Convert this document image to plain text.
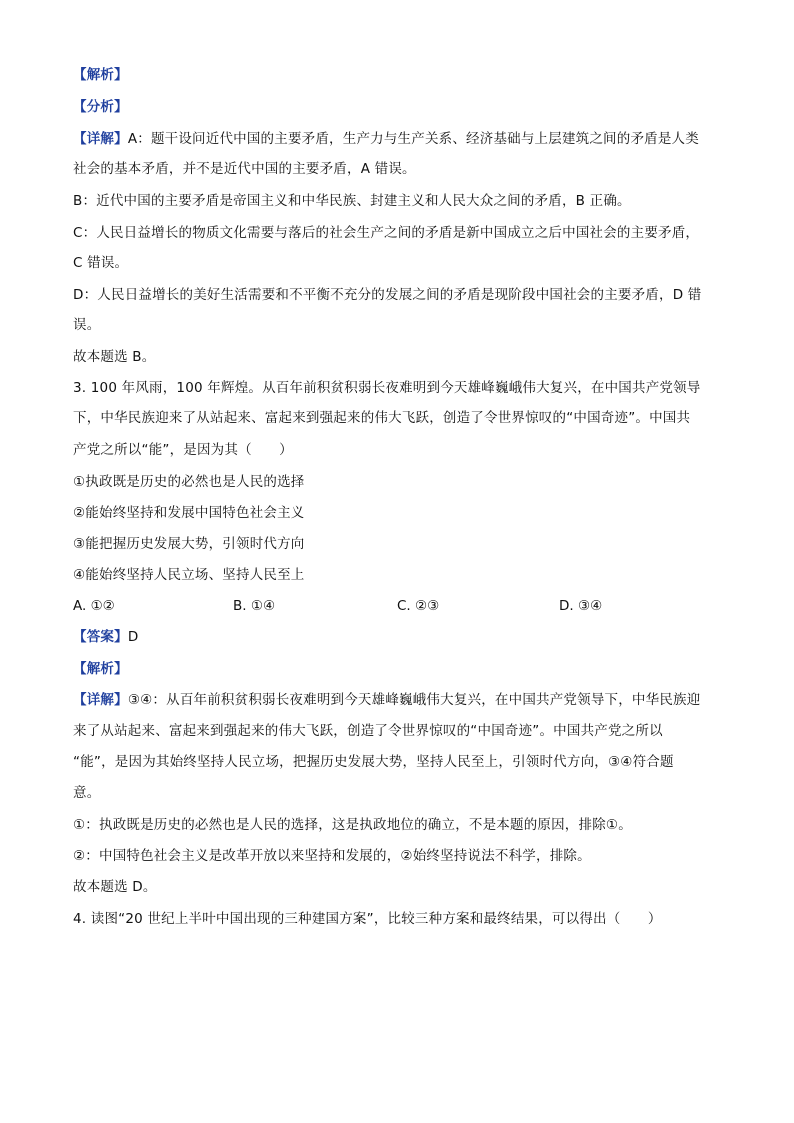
【解析】
【分析】
【详解】A：题干设问近代中国的主要矛盾，生产力与生产关系、经济基础与上层建筑之间的矛盾是人类
社会的基本矛盾，并不是近代中国的主要矛盾，A 错误。
B：近代中国的主要矛盾是帝国主义和中华民族、封建主义和人民大众之间的矛盾，B 正确。
C：人民日益增长的物质文化需要与落后的社会生产之间的矛盾是新中国成立之后中国社会的主要矛盾，
C 错误。
D：人民日益增长的美好生活需要和不平衡不充分的发展之间的矛盾是现阶段中国社会的主要矛盾，D 错
误。
故本题选 B。
3. 100 年风雨，100 年辉煌。从百年前积贫积弱长夜难明到今天雄峰巍峨伟大复兴，在中国共产党领导
下，中华民族迎来了从站起来、富起来到强起来的伟大飞跃，创造了令世界惊叹的“中国奇迹”。中国共
产党之所以“能”，是因为其（　　）
①执政既是历史的必然也是人民的选择
②能始终坚持和发展中国特色社会主义
③能把握历史发展大势，引领时代方向
④能始终坚持人民立场、坚持人民至上
A. ①②	B. ①④	C. ②③	D. ③④
【答案】D
【解析】
【详解】③④：从百年前积贫积弱长夜难明到今天雄峰巍峨伟大复兴，在中国共产党领导下，中华民族迎
来了从站起来、富起来到强起来的伟大飞跃，创造了令世界惊叹的“中国奇迹”。中国共产党之所以
“能”，是因为其始终坚持人民立场，把握历史发展大势，坚持人民至上，引领时代方向，③④符合题
意。
①：执政既是历史的必然也是人民的选择，这是执政地位的确立，不是本题的原因，排除①。
②：中国特色社会主义是改革开放以来坚持和发展的，②始终坚持说法不科学，排除。
故本题选 D。
4. 读图“20 世纪上半叶中国出现的三种建国方案”，比较三种方案和最终结果，可以得出（　　）
